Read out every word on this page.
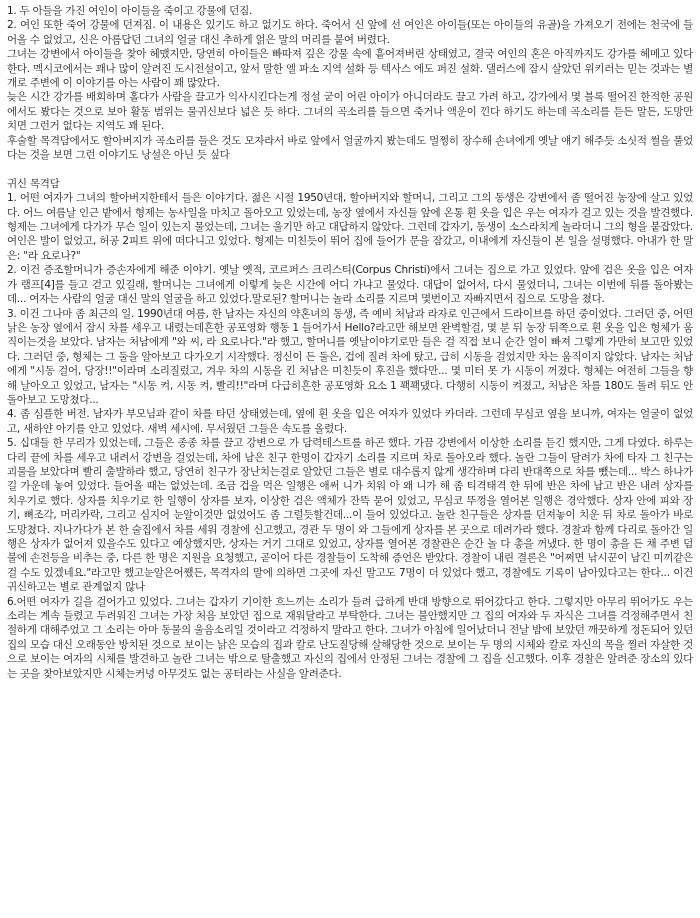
1. 두 아들을 가진 여인이 아이들을 죽이고 강물에 던짐.

2. 여인 또한 죽어 강물에 던져짐. 이 내용은 있기도 하고 없기도 하다. 죽어서 신 앞에 선 여인은 아이들(또는 아이들의 유골)을 가져오기 전에는 천국에 들어올 수 없었고, 신은 아름답던 그녀의 얼굴 대신 추하게 얽은 말의 머리를 붙여 버렸다.

그녀는 강변에서 아이들을 찾아 헤맸지만, 당연히 아이들은 빠따져 깊은 강물 속에 흩어져버린 상태였고, 결국 여인의 혼은 아직까지도 강가를 헤메고 있다 한다. 멕시코에서는 꽤나 많이 알려진 도시전설이고, 앞서 말한 엘 파소 지역 설화 등 텍사스 에도 퍼진 설화. 댈러스에 잠시 살았던 위키러는 믿는 것과는 별개로 주변에 이 이야기를 아는 사람이 꽤 많았다.

늦은 시간 강가를 배회하며 홀다가 사람을 끌고가 익사시킨다는게 정설 굳이 어린 아이가 아니더라도 끌고 가려 하고, 강가에서 몇 블록 떨어진 한적한 공원에서도 봤다는 것으로 보아 활동 범위는 물귀신보다 넓은 듯 하다. 그녀의 곡소리를 들으면 죽거나 액운이 낀다 하기도 하는데 곡소리를 듣든 말든, 도망만 치면 그런거 없다는 지역도 꽤 된다.

후술할 목격담에서도 할아버지가 곡소리를 들은 것도 모자라서 바로 앞에서 얼굴까지 봤는데도 멀쩡히 장수해 손녀에게 옛날 얘기 해주듯 소싯적 썰을 풀었다는 것을 보면 그런 이야기도 낭설은 아닌 듯 싶다

귀신 목격담

1. 어떤 여자가 그녀의 할아버지한테서 들은 이야기다. 젊은 시절 1950년대, 할아버지와 할머니, 그리고 그의 동생은 강변에서 좀 떨어진 농장에 살고 있었다. 어느 여름날 인근 밭에서 형제는 농사일을 마치고 돌아오고 있었는데, 농장 옆에서 자신들 앞에 온통 흰 옷을 입은 우는 여자가 걸고 있는 것을 발견했다. 형제는 그녀에게 다가가 무슨 일이 있는지 물었는데, 그녀는 울기만 하고 대답하지 않았다. 그런데 갑자기, 동생이 소스라치게 놀라더니 그의 형을 붙잡았다. 여인은 발이 없었고, 허공 2피트 위에 떠다니고 있었다. 형제는 미친듯이 뛰어 집에 들어가 문을 잠갔고, 이내에게 자신들이 본 일을 설명했다. 아내가 한 말은: "라 요로나?"

2. 이건 증조할머니가 증손자에게 해준 이야기. 옛날 옛적, 코르퍼스 크리스티(Corpus Christi)에서 그녀는 집으로 가고 있었다. 앞에 검은 옷을 입은 여자가 램프[4]를 들고 걷고 있길래, 할머니는 그녀에게 이렇게 늦은 시간에 어디 가냐고 물었다. 대답이 없어서, 다시 물었더니, 그녀는 이번에 뒤를 돌아봤는데... 여자는 사람의 얼굴 대신 말의 얼굴을 하고 있었다.말로된? 할머니는 놀라 소리를 지르며 몇번이고 자빠지면서 집으로 도망을 쳤다.

3. 이건 그나마 좀 최근의 일. 1990년대 여름, 한 남자는 자신의 약혼녀의 동생, 즉 예비 처남과 라자로 인근에서 드라이브를 하던 중이었다. 그러던 중, 어떤 낡은 농장 옆에서 잠시 차를 세우고 내렸는데흔한 공포영화 행동 1 들어가서 Hello?라고만 해보면 완벽할걸, 몇 분 뒤 농장 뒤쪽으로 흰 옷을 입은 형체가 움직이는것을 보았다. 남자는 처남에게 "와 씨, 라 요로나다."라 했고, 할머니를 옛날이야기로만 들은 걸 직접 보니 순간 얼이 빠져 그렇게 가만히 보고만 있었다. 그러던 중, 형체는 그 둘을 알아보고 다가오기 시작했다. 정신이 든 둘은, 겁에 질려 차에 탔고, 급히 시동을 걸었지만 차는 움직이지 않았다. 남자는 처남에게 "시동 걸어, 당장!!"이라며 소리질렀고, 겨우 차의 시동을 킨 처남은 미친듯이 후진을 했다만... 몇 미터 못 가 시동이 꺼졌다. 형체는 여전히 그들을 향해 날아오고 있었고, 남자는 "시동 켜, 시동 켜, 빨리!!"라며 다급히흔한 공포영화 요소 1 꽥꽥댔다. 다행히 시동이 켜졌고, 처남은 차를 180도 돌려 뒤도 안 돌아보고 도망쳤다...

4. 좀 심플한 버전. 남자가 부모님과 같이 차를 타던 상태였는데, 옆에 흰 옷을 입은 여자가 있었다 카더라. 그런데 무심코 옆을 보니까, 여자는 얼굴이 없었고, 새하얀 아기를 안고 있었다. 새벽 세시에. 무서웠던 그들은 속도를 올렸다.

5. 십대들 한 무리가 있었는데, 그들은 종종 차를 끌고 강변으로 가 담력테스트를 하곤 했다. 가끔 강변에서 이상한 소리를 듣긴 했지만, 그게 다였다. 하루는 다리 끝에 차를 세우고 내려서 강변을 걸었는데, 차에 남은 친구 한명이 갑자기 소리를 지르며 차로 돌아오라 했다. 놀란 그들이 달려가 차에 타자 그 친구는 괴물을 보았다며 빨리 출발하라 했고, 당연히 친구가 장난치는걸로 알았던 그들은 별로 대수롭지 않게 생각하며 다리 반대쪽으로 차를 뺐는데... 박스 하나가 길 가운데 놓여 있었다. 들어올 때는 없었는데. 조금 겁을 먹은 일행은 애써 니가 치워 아 왜 니가 해 좀 티격태격 한 뒤에 반은 차에 남고 반은 내려 상자를 치우기로 했다. 상자를 치우기로 한 일행이 상자를 보자, 이상한 검은 액체가 잔뜩 묻어 있었고, 무심코 뚜껑을 열어본 일행은 경악했다. 상자 안에 피와 장기, 뼈조각, 머리카락, 그리고 심지어 눈알이것만 없었어도 좀 그럴듯할건데...이 들어 있었다고. 놀란 친구들은 상자를 던져놓이 치운 뒤 차로 돌아가 바로 도망쳤다. 지나가다가 본 한 술집에서 차를 세워 경찰에 신고했고, 경관 두 명이 와 그들에게 상자를 본 곳으로 데려가라 했다. 경찰과 함께 다리로 돌아간 일행은 상자가 없어져 있을수도 있다고 예상했지만, 상자는 거기 그대로 있었고, 상자를 열어본 경찰관은 순간 놀 다 총을 꺼냈다. 한 명이 총을 든 채 주변 덤불에 손전등을 비추는 중, 다른 한 명은 지원을 요청했고, 곧이어 다른 경찰들이 도착해 증언은 받았다. 경찰이 내린 결론은 "어쩌면 낚시꾼이 남긴 미끼같은 걸 수도 있겠네요."라고만 했고눈알은어쨌든, 목격자의 말에 의하면 그곳에 자신 말고도 7명이 더 있었다 했고, 경찰에도 기록이 남아있다고는 한다... 이건 귀신하고는 별로 관계없지 않나

6.어떤 여자가 길을 걸어가고 있었다. 그녀는 갑자기 기이한 흐느끼는 소리가 들려 급하게 반대 방향으로 뛰어갔다고 한다. 그렇지만 아무리 뛰어가도 우는 소리는 계속 들렸고 두려워진 그녀는 가장 처음 보았던 집으로 재워달라고 부탁한다. 그녀는 불안했지만 그 집의 여자와 두 자식은 그녀를 걱정해주면서 친절하게 대해주었고 그 소리는 아마 동물의 울음소리일 것이라고 걱정하지 말라고 한다. 그녀가 아침에 일어났더니 전날 밤에 보았던 깨끗하게 정돈되어 있던 집의 모습 대신 오래동안 방치된 것으로 보이는 낡은 모습의 집과 칼로 난도질당해 살해당한 것으로 보이는 두 명의 시체와 칼로 자신의 목을 찔러 자살한 것으로 보이는 여자의 시체를 발견하고 놀란 그녀는 밖으로 탈출했고 자신의 집에서 안정된 그녀는 경찰에 그 집을 신고했다. 이후 경찰은 알려준 장소의 있다는 곳을 찾아보았지만 시체는커녕 아무것도 없는 공터라는 사실을 알려준다.
